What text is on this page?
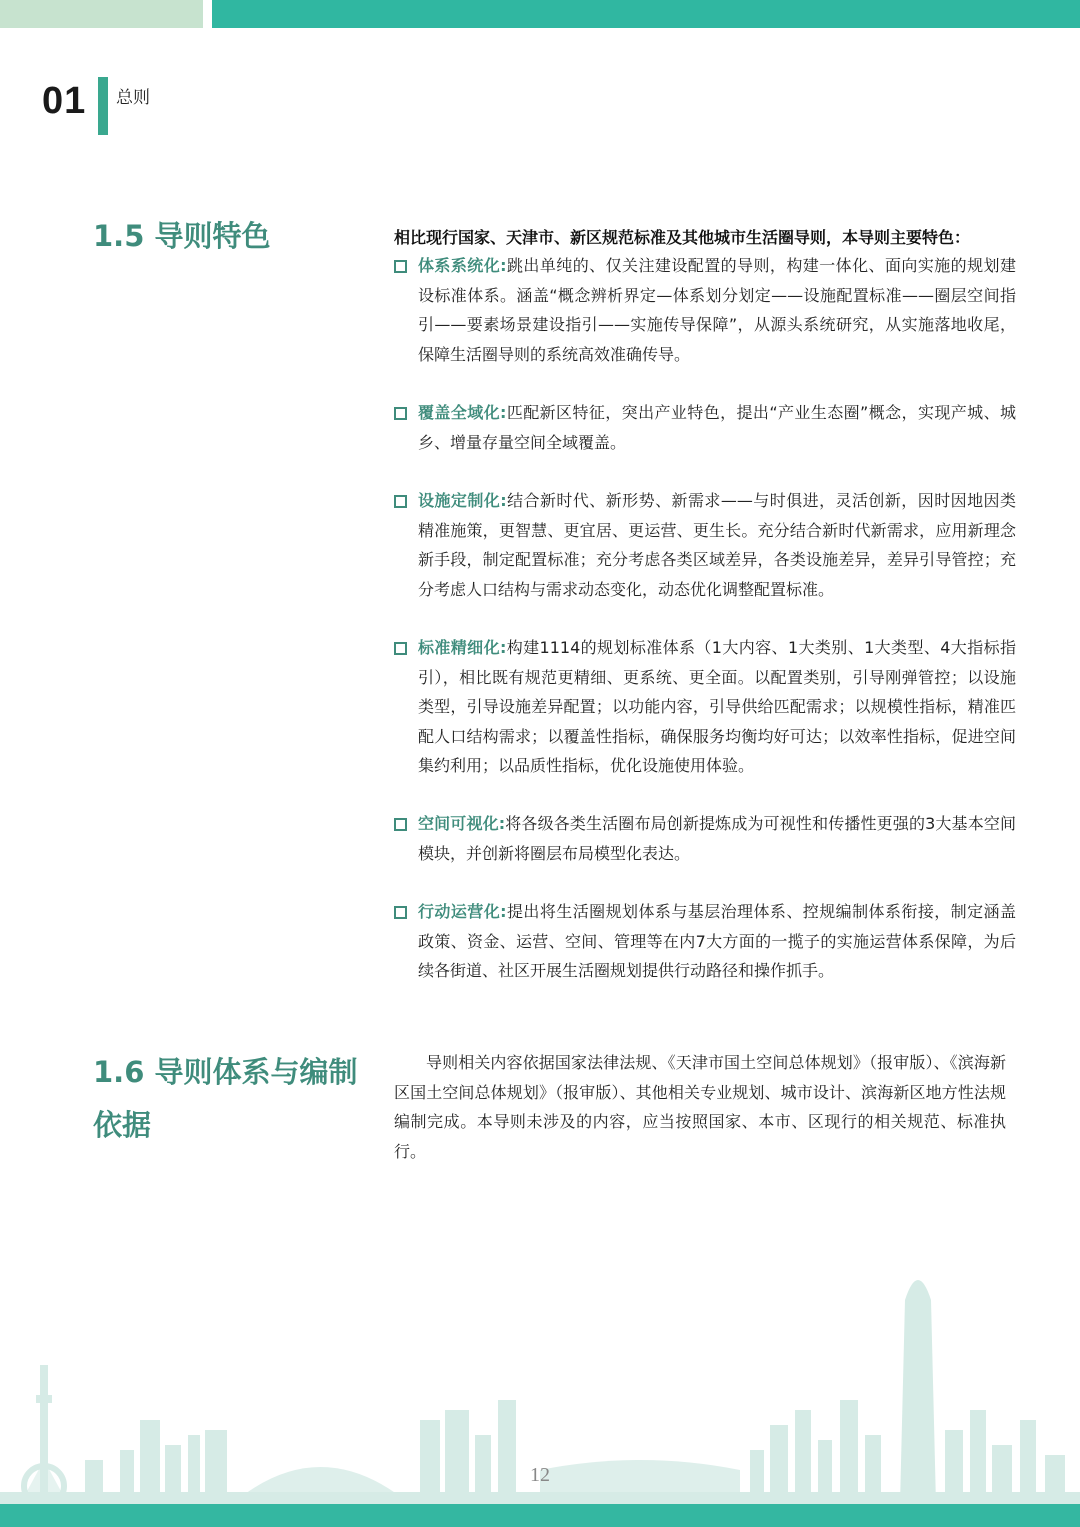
01 总则
1.5 导则特色	相比现行国家、天津市、新区规范标准及其他城市生活圈导则，本导则主要特色：
体系系统化:跳出单纯的、仅关注建设配置的导则，构建一体化、面向实施的规划建设标准体系。涵盖“概念辨析界定—体系划分划定——设施配置标准——圈层空间指引——要素场景建设指引——实施传导保障”，从源头系统研究，从实施落地收尾，保障生活圈导则的系统高效准确传导。
覆盖全域化:匹配新区特征，突出产业特色，提出“产业生态圈”概念，实现产城、城乡、增量存量空间全域覆盖。
设施定制化:结合新时代、新形势、新需求——与时俱进，灵活创新，因时因地因类精准施策，更智慧、更宜居、更运营、更生长。充分结合新时代新需求，应用新理念新手段，制定配置标准；充分考虑各类区域差异，各类设施差异，差异引导管控；充分考虑人口结构与需求动态变化，动态优化调整配置标准。
标准精细化:构建1114的规划标准体系（1大内容、1大类别、1大类型、4大指标指引），相比既有规范更精细、更系统、更全面。以配置类别，引导刚弹管控；以设施类型，引导设施差异配置；以功能内容，引导供给匹配需求；以规模性指标，精准匹配人口结构需求；以覆盖性指标，确保服务均衡均好可达；以效率性指标，促进空间集约利用；以品质性指标，优化设施使用体验。
空间可视化:将各级各类生活圈布局创新提炼成为可视性和传播性更强的3大基本空间模块，并创新将圈层布局模型化表达。
行动运营化:提出将生活圈规划体系与基层治理体系、控规编制体系衔接，制定涵盖政策、资金、运营、空间、管理等在内7大方面的一揽子的实施运营体系保障，为后续各街道、社区开展生活圈规划提供行动路径和操作抓手。
1.6 导则体系与编制依据
导则相关内容依据国家法律法规、《天津市国土空间总体规划》（报审版）、《滨海新区国土空间总体规划》（报审版）、其他相关专业规划、城市设计、滨海新区地方性法规编制完成。本导则未涉及的内容，应当按照国家、本市、区现行的相关规范、标准执行。
12
